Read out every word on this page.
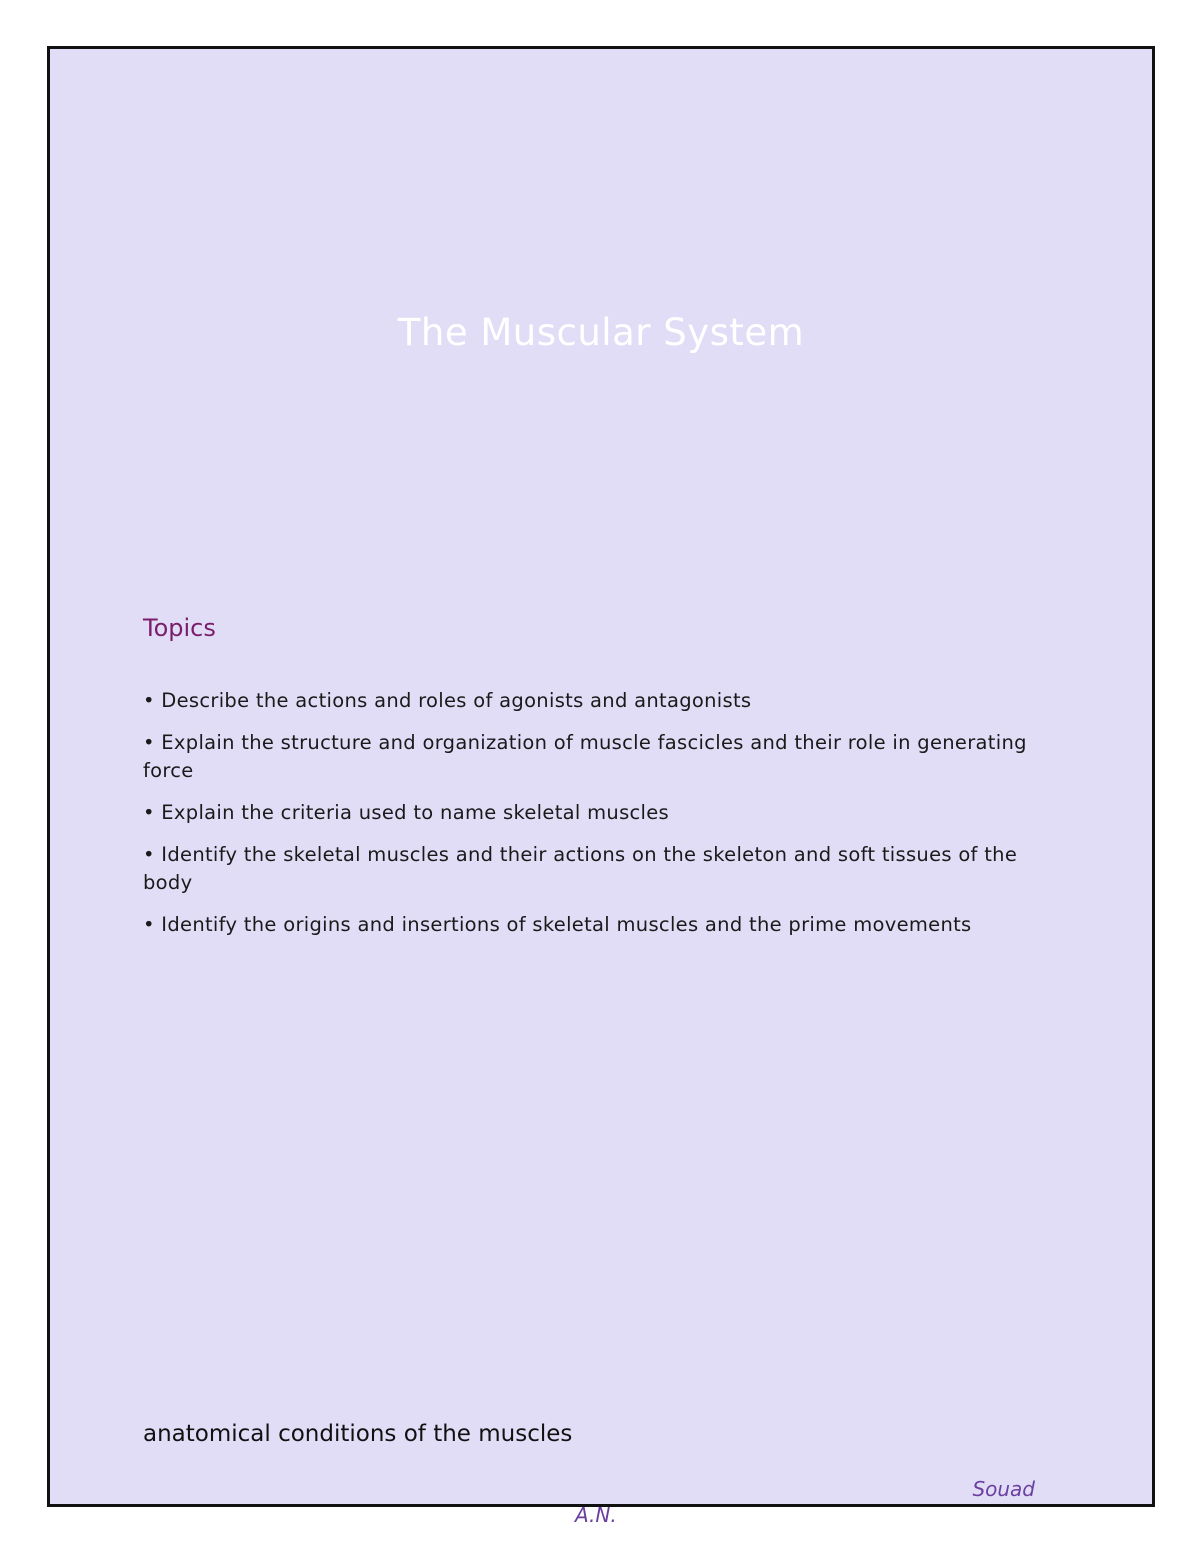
The Muscular System
Topics
• Describe the actions and roles of agonists and antagonists
• Explain the structure and organization of muscle fascicles and their role in generating force
• Explain the criteria used to name skeletal muscles
• Identify the skeletal muscles and their actions on the skeleton and soft tissues of the body
• Identify the origins and insertions of skeletal muscles and the prime movements
anatomical conditions of the muscles
Souad
A.N.
